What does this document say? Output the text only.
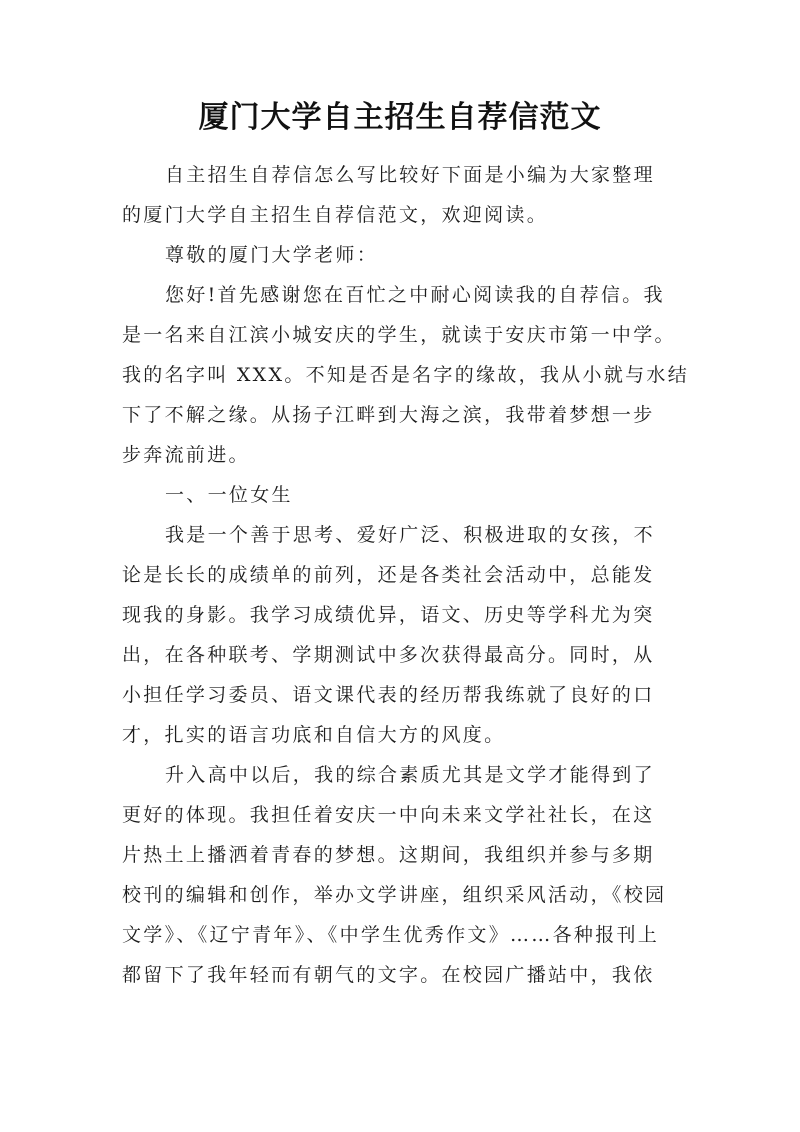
厦门大学自主招生自荐信范文
自主招生自荐信怎么写比较好下面是小编为大家整理
的厦门大学自主招生自荐信范文，欢迎阅读。
尊敬的厦门大学老师：
您好!首先感谢您在百忙之中耐心阅读我的自荐信。我
是一名来自江滨小城安庆的学生，就读于安庆市第一中学。
我的名字叫 XXX。不知是否是名字的缘故，我从小就与水结
下了不解之缘。从扬子江畔到大海之滨，我带着梦想一步
步奔流前进。
一、一位女生
我是一个善于思考、爱好广泛、积极进取的女孩，不
论是长长的成绩单的前列，还是各类社会活动中，总能发
现我的身影。我学习成绩优异，语文、历史等学科尤为突
出，在各种联考、学期测试中多次获得最高分。同时，从
小担任学习委员、语文课代表的经历帮我练就了良好的口
才，扎实的语言功底和自信大方的风度。
升入高中以后，我的综合素质尤其是文学才能得到了
更好的体现。我担任着安庆一中向未来文学社社长，在这
片热土上播洒着青春的梦想。这期间，我组织并参与多期
校刊的编辑和创作，举办文学讲座，组织采风活动，《校园
文学》、《辽宁青年》、《中学生优秀作文》……各种报刊上
都留下了我年轻而有朝气的文字。在校园广播站中，我依
